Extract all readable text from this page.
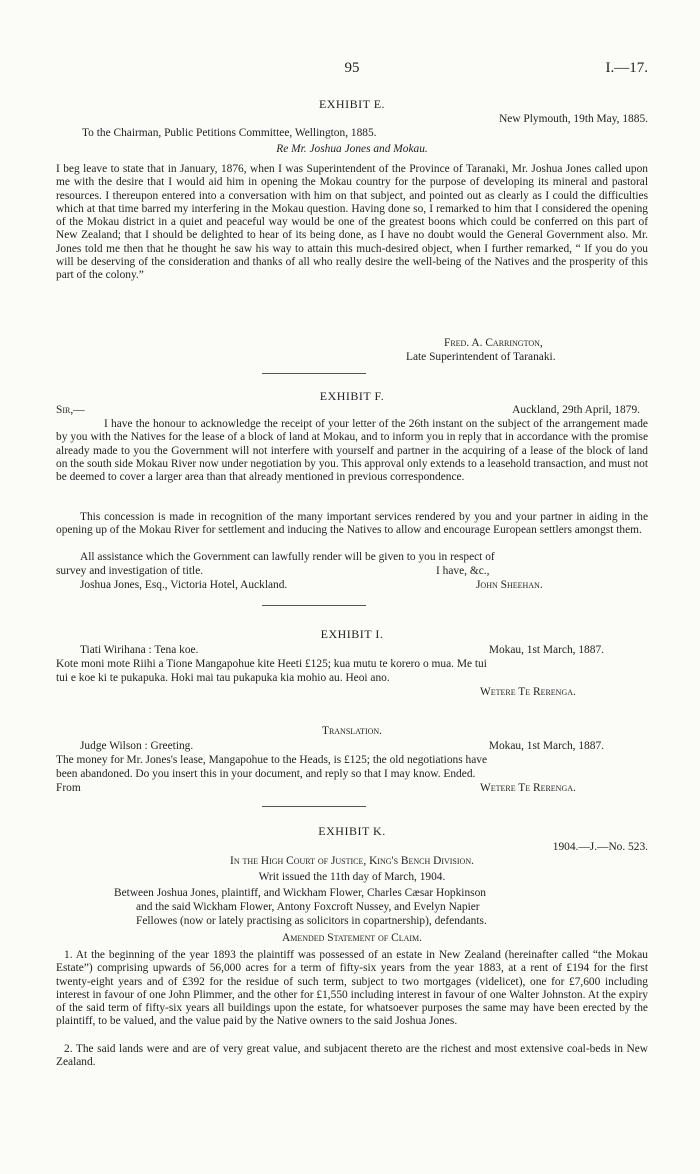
95	I.—17.
EXHIBIT E.
New Plymouth, 19th May, 1885.
To the Chairman, Public Petitions Committee, Wellington, 1885.
Re Mr. Joshua Jones and Mokau.

I beg leave to state that in January, 1876, when I was Superintendent of the Province of Taranaki, Mr. Joshua Jones called upon me with the desire that I would aid him in opening the Mokau country for the purpose of developing its mineral and pastoral resources. I thereupon entered into a conversation with him on that subject, and pointed out as clearly as I could the difficulties which at that time barred my interfering in the Mokau question. Having done so, I remarked to him that I considered the opening of the Mokau district in a quiet and peaceful way would be one of the greatest boons which could be conferred on this part of New Zealand; that I should be delighted to hear of its being done, as I have no doubt would the General Government also. Mr. Jones told me then that he thought he saw his way to attain this much-desired object, when I further remarked, “ If you do you will be deserving of the consideration and thanks of all who really desire the well-being of the Natives and the prosperity of this part of the colony.”

Fred. A. Carrington,
Late Superintendent of Taranaki.
EXHIBIT F.
Sir,—	Auckland, 29th April, 1879.

I have the honour to acknowledge the receipt of your letter of the 26th instant on the subject of the arrangement made by you with the Natives for the lease of a block of land at Mokau, and to inform you in reply that in accordance with the promise already made to you the Government will not interfere with yourself and partner in the acquiring of a lease of the block of land on the south side Mokau River now under negotiation by you. This approval only extends to a leasehold transaction, and must not be deemed to cover a larger area than that already mentioned in previous correspondence.

This concession is made in recognition of the many important services rendered by you and your partner in aiding in the opening up of the Mokau River for settlement and inducing the Natives to allow and encourage European settlers amongst them.

All assistance which the Government can lawfully render will be given to you in respect of
survey and investigation of title.	I have, &c.,
Joshua Jones, Esq., Victoria Hotel, Auckland.	John Sheehan.
EXHIBIT I.
Tiati Wirihana : Tena koe.	Mokau, 1st March, 1887.
Kote moni mote Riihi a Tione Mangapohue kite Heeti £125; kua mutu te korero o mua. Me tui
tui e koe ki te pukapuka. Hoki mai tau pukapuka kia mohio au. Heoi ano.
Wetere Te Rerenga.
Translation.
Judge Wilson : Greeting.	Mokau, 1st March, 1887.
The money for Mr. Jones's lease, Mangapohue to the Heads, is £125; the old negotiations have
been abandoned. Do you insert this in your document, and reply so that I may know. Ended.
From	Wetere Te Rerenga.
EXHIBIT K.
1904.—J.—No. 523.
In the High Court of Justice, King's Bench Division.
Writ issued the 11th day of March, 1904.
Between Joshua Jones, plaintiff, and Wickham Flower, Charles Cæsar Hopkinson
and the said Wickham Flower, Antony Foxcroft Nussey, and Evelyn Napier
Fellowes (now or lately practising as solicitors in copartnership), defendants.
Amended Statement of Claim.

1. At the beginning of the year 1893 the plaintiff was possessed of an estate in New Zealand (hereinafter called “the Mokau Estate”) comprising upwards of 56,000 acres for a term of fifty-six years from the year 1883, at a rent of £194 for the first twenty-eight years and of £392 for the residue of such term, subject to two mortgages (videlicet), one for £7,600 including interest in favour of one John Plimmer, and the other for £1,550 including interest in favour of one Walter Johnston. At the expiry of the said term of fifty-six years all buildings upon the estate, for whatsoever purposes the same may have been erected by the plaintiff, to be valued, and the value paid by the Native owners to the said Joshua Jones.

2. The said lands were and are of very great value, and subjacent thereto are the richest and most extensive coal-beds in New Zealand.
